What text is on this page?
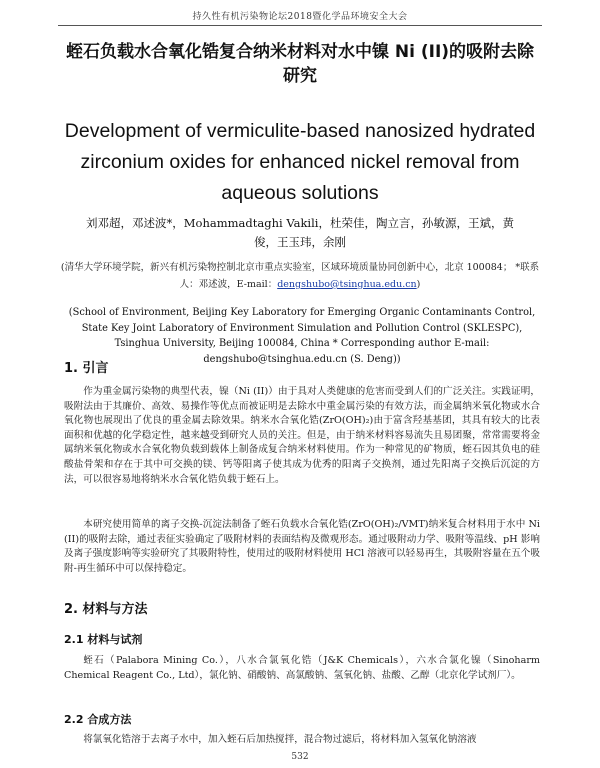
持久性有机污染物论坛2018暨化学品环境安全大会
蛭石负载水合氧化锆复合纳米材料对水中镍 Ni (II)的吸附去除研究
Development of vermiculite-based nanosized hydrated zirconium oxides for enhanced nickel removal from aqueous solutions
刘邓超，邓述波*，Mohammadtaghi Vakili，杜荣佳，陶立言，孙敏源，王斌，黄俊，王玉玮，余刚
(清华大学环境学院，新兴有机污染物控制北京市重点实验室，区域环境质量协同创新中心，北京 100084； *联系人：邓述波，E-mail：dengshubo@tsinghua.edu.cn)
(School of Environment, Beijing Key Laboratory for Emerging Organic Contaminants Control, State Key Joint Laboratory of Environment Simulation and Pollution Control (SKLESPC), Tsinghua University, Beijing 100084, China * Corresponding author E-mail: dengshubo@tsinghua.edu.cn (S. Deng))
1. 引言

作为重金属污染物的典型代表，镍（Ni (II)）由于具对人类健康的危害而受到人们的广泛关注。实践证明，吸附法由于其廉价、高效、易操作等优点而被证明是去除水中重金属污染的有效方法，而金属纳米氧化物或水合氧化物也展现出了优良的重金属去除效果。纳米水合氧化锆(ZrO(OH)₂)由于富含羟基基团，其具有较大的比表面积和优越的化学稳定性，越来越受到研究人员的关注。但是，由于纳米材料容易流失且易团聚，常常需要将金属纳米氧化物或水合氧化物负载到载体上制备成复合纳米材料使用。作为一种常见的矿物质，蛭石因其负电的硅酸盐骨架和存在于其中可交换的镁、钙等阳离子使其成为优秀的阳离子交换剂，通过先阳离子交换后沉淀的方法，可以很容易地将纳米水合氧化锆负载于蛭石上。

本研究使用简单的离子交换-沉淀法制备了蛭石负载水合氧化锆(ZrO(OH)₂/VMT)纳米复合材料用于水中 Ni (II)的吸附去除，通过表征实验确定了吸附材料的表面结构及微观形态。通过吸附动力学、吸附等温线、pH 影响及离子强度影响等实验研究了其吸附特性，使用过的吸附材料使用 HCl 溶液可以轻易再生，其吸附容量在五个吸附-再生循环中可以保持稳定。

2. 材料与方法
2.1 材料与试剂

蛭石（Palabora Mining Co.），八水合氯氧化锆（J&K Chemicals），六水合氯化镍（Sinoharm Chemical Reagent Co., Ltd），氯化钠、硝酸钠、高氯酸钠、氢氧化钠、盐酸、乙醇（北京化学试剂厂）。

2.2 合成方法

将氯氧化锆溶于去离子水中，加入蛭石后加热搅拌，混合物过滤后，将材料加入氢氧化钠溶液

532
